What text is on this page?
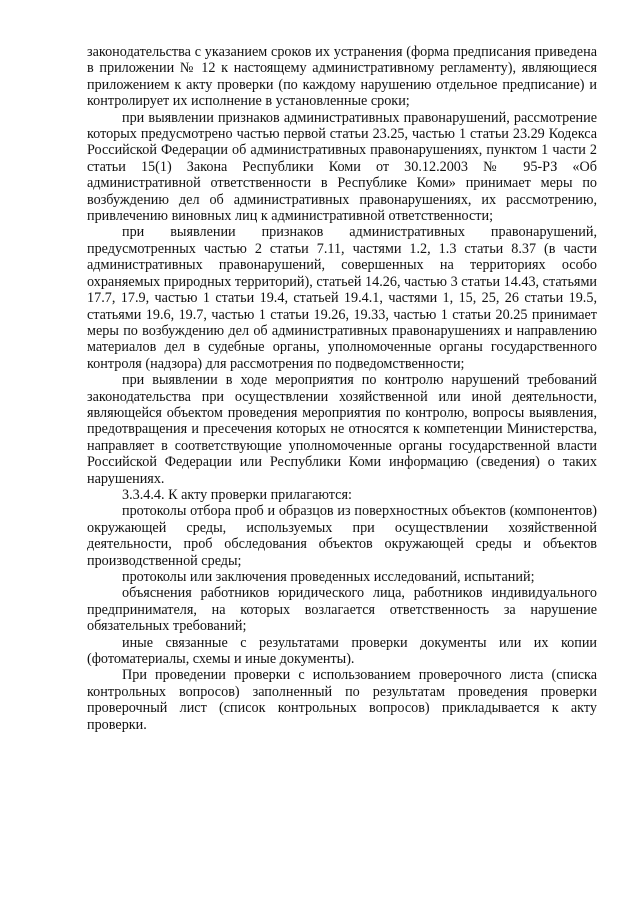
законодательства с указанием сроков их устранения (форма предписания приведена в приложении № 12 к настоящему административному регламенту), являющиеся приложением к акту проверки (по каждому нарушению отдельное предписание) и контролирует их исполнение в установленные сроки;

при выявлении признаков административных правонарушений, рассмотрение которых предусмотрено частью первой статьи 23.25, частью 1 статьи 23.29 Кодекса Российской Федерации об административных правонарушениях, пунктом 1 части 2 статьи 15(1) Закона Республики Коми от 30.12.2003 № 95-РЗ «Об административной ответственности в Республике Коми» принимает меры по возбуждению дел об административных правонарушениях, их рассмотрению, привлечению виновных лиц к административной ответственности;

при выявлении признаков административных правонарушений, предусмотренных частью 2 статьи 7.11, частями 1.2, 1.3 статьи 8.37 (в части административных правонарушений, совершенных на территориях особо охраняемых природных территорий), статьей 14.26, частью 3 статьи 14.43, статьями 17.7, 17.9, частью 1 статьи 19.4, статьей 19.4.1, частями 1, 15, 25, 26 статьи 19.5, статьями 19.6, 19.7, частью 1 статьи 19.26, 19.33, частью 1 статьи 20.25 принимает меры по возбуждению дел об административных правонарушениях и направлению материалов дел в судебные органы, уполномоченные органы государственного контроля (надзора) для рассмотрения по подведомственности;

при выявлении в ходе мероприятия по контролю нарушений требований законодательства при осуществлении хозяйственной или иной деятельности, являющейся объектом проведения мероприятия по контролю, вопросы выявления, предотвращения и пресечения которых не относятся к компетенции Министерства, направляет в соответствующие уполномоченные органы государственной власти Российской Федерации или Республики Коми информацию (сведения) о таких нарушениях.

3.3.4.4. К акту проверки прилагаются:

протоколы отбора проб и образцов из поверхностных объектов (компонентов) окружающей среды, используемых при осуществлении хозяйственной деятельности, проб обследования объектов окружающей среды и объектов производственной среды;

протоколы или заключения проведенных исследований, испытаний;

объяснения работников юридического лица, работников индивидуального предпринимателя, на которых возлагается ответственность за нарушение обязательных требований;

иные связанные с результатами проверки документы или их копии (фотоматериалы, схемы и иные документы).

При проведении проверки с использованием проверочного листа (списка контрольных вопросов) заполненный по результатам проведения проверки проверочный лист (список контрольных вопросов) прикладывается к акту проверки.
